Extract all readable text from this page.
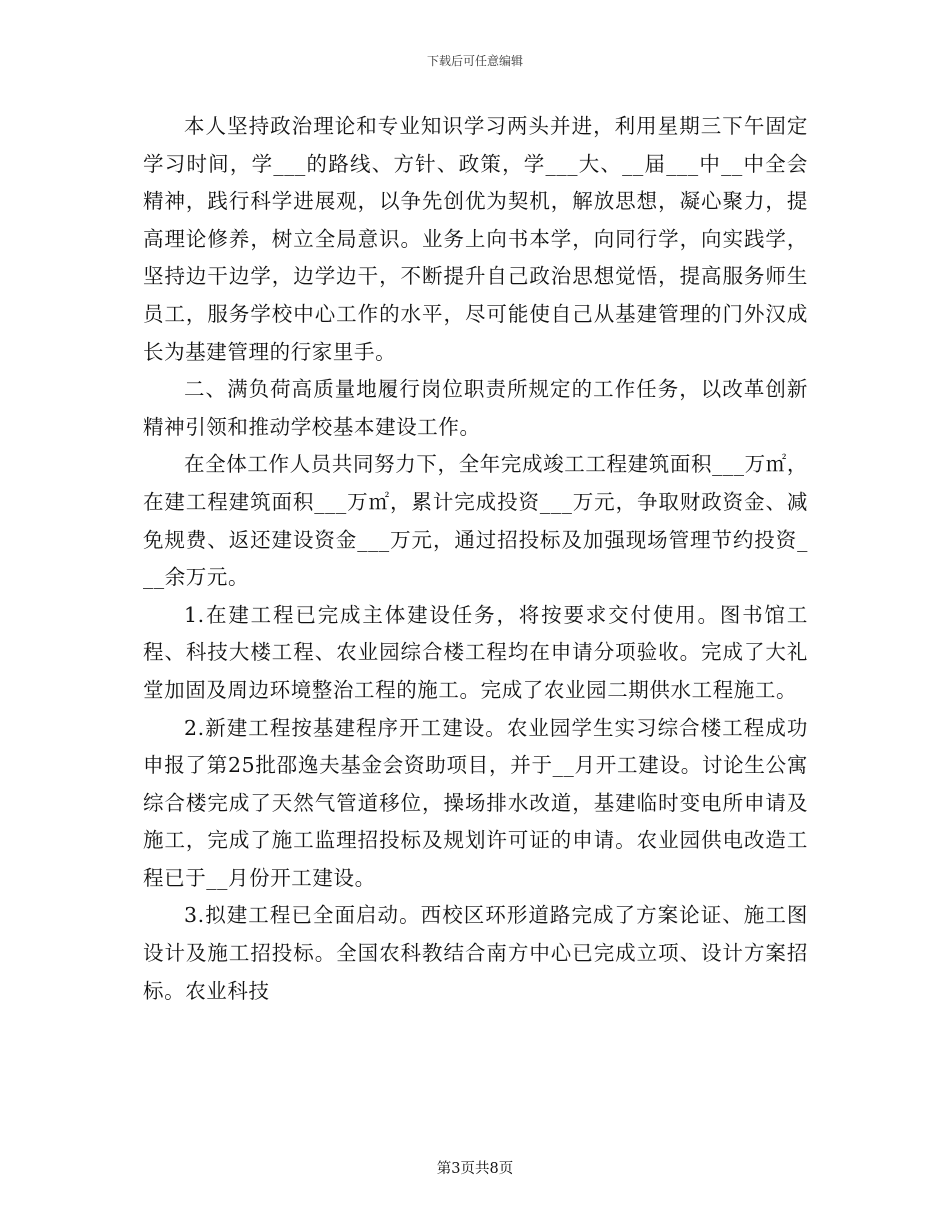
下载后可任意编辑

本人坚持政治理论和专业知识学习两头并进，利用星期三下午固定学习时间，学___的路线、方针、政策，学___大、__届___中__中全会精神，践行科学进展观，以争先创优为契机，解放思想，凝心聚力，提高理论修养，树立全局意识。业务上向书本学，向同行学，向实践学，坚持边干边学，边学边干，不断提升自己政治思想觉悟，提高服务师生员工，服务学校中心工作的水平，尽可能使自己从基建管理的门外汉成长为基建管理的行家里手。

二、满负荷高质量地履行岗位职责所规定的工作任务，以改革创新精神引领和推动学校基本建设工作。

在全体工作人员共同努力下，全年完成竣工工程建筑面积___万㎡，在建工程建筑面积___万㎡，累计完成投资___万元，争取财政资金、减免规费、返还建设资金___万元，通过招投标及加强现场管理节约投资___余万元。

1.在建工程已完成主体建设任务，将按要求交付使用。图书馆工程、科技大楼工程、农业园综合楼工程均在申请分项验收。完成了大礼堂加固及周边环境整治工程的施工。完成了农业园二期供水工程施工。

2.新建工程按基建程序开工建设。农业园学生实习综合楼工程成功申报了第25批邵逸夫基金会资助项目，并于__月开工建设。讨论生公寓综合楼完成了天然气管道移位，操场排水改道，基建临时变电所申请及施工，完成了施工监理招投标及规划许可证的申请。农业园供电改造工程已于__月份开工建设。

3.拟建工程已全面启动。西校区环形道路完成了方案论证、施工图设计及施工招投标。全国农科教结合南方中心已完成立项、设计方案招标。农业科技

第3页共8页
